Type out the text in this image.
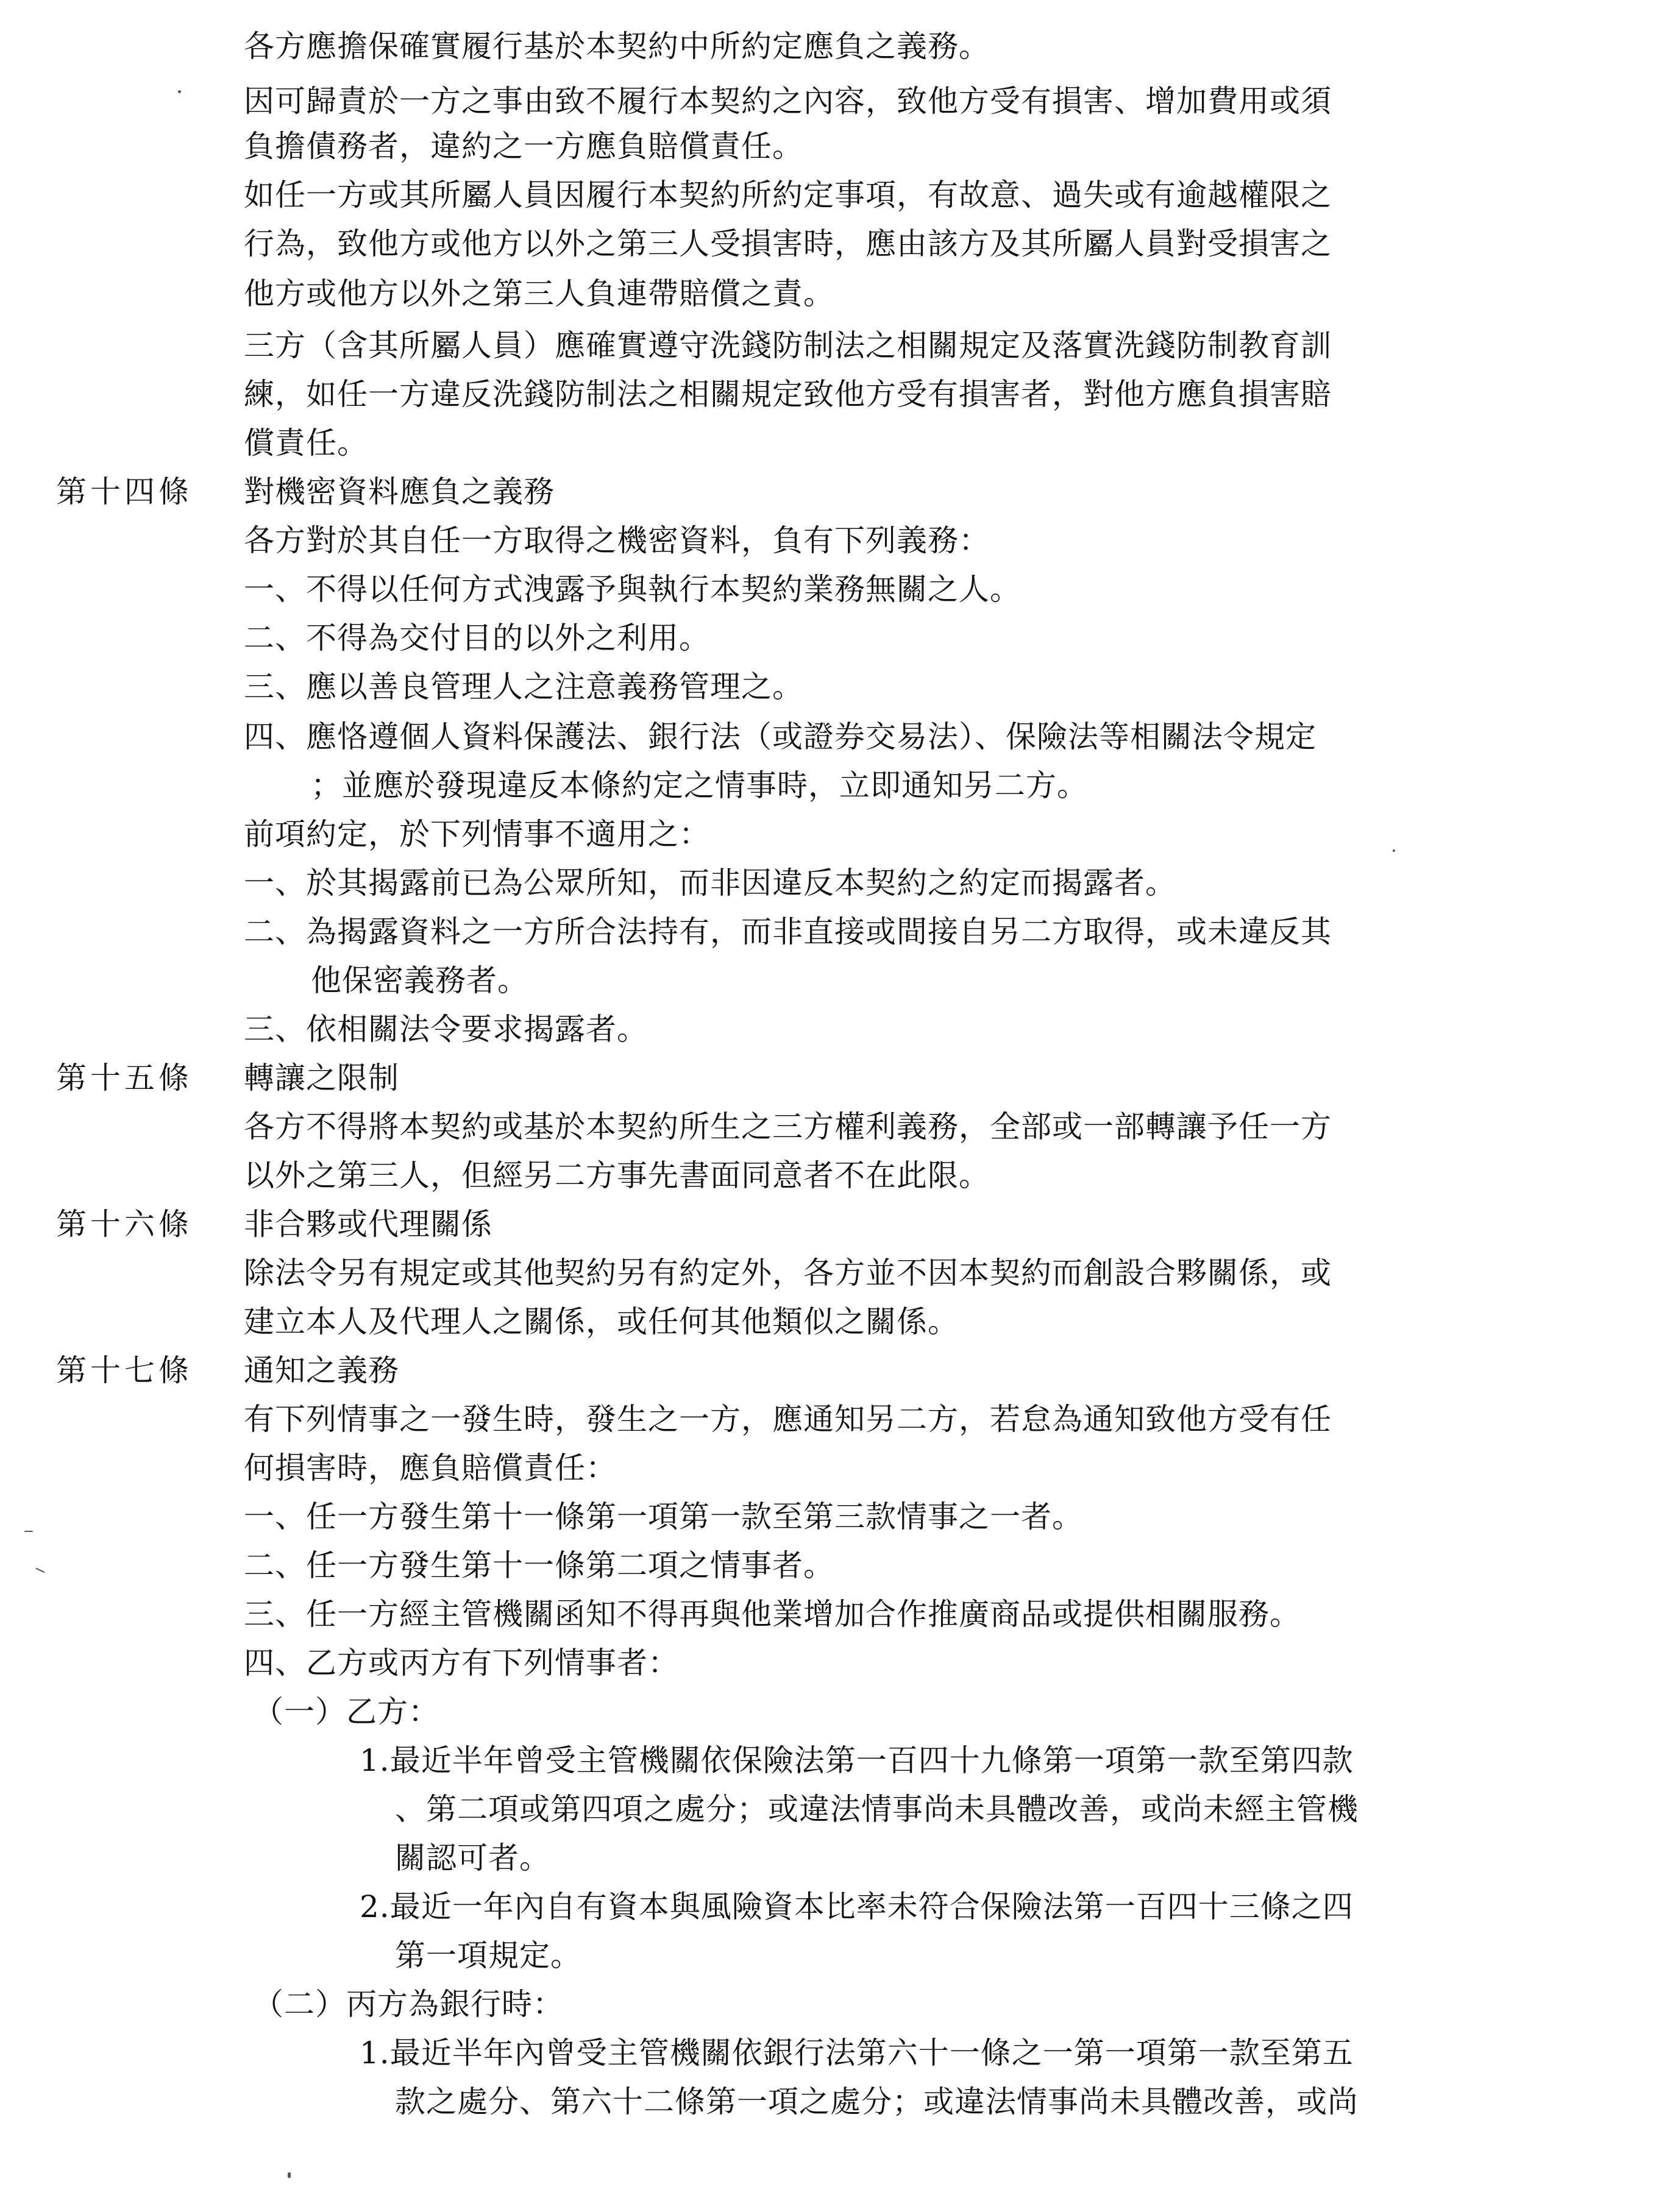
各方應擔保確實履行基於本契約中所約定應負之義務。
因可歸責於一方之事由致不履行本契約之內容，致他方受有損害、增加費用或須
負擔債務者，違約之一方應負賠償責任。
如任一方或其所屬人員因履行本契約所約定事項，有故意、過失或有逾越權限之
行為，致他方或他方以外之第三人受損害時，應由該方及其所屬人員對受損害之
他方或他方以外之第三人負連帶賠償之責。
三方（含其所屬人員）應確實遵守洗錢防制法之相關規定及落實洗錢防制教育訓
練，如任一方違反洗錢防制法之相關規定致他方受有損害者，對他方應負損害賠
償責任。
第十四條 對機密資料應負之義務
各方對於其自任一方取得之機密資料，負有下列義務：
一、不得以任何方式洩露予與執行本契約業務無關之人。
二、不得為交付目的以外之利用。
三、應以善良管理人之注意義務管理之。
四、應恪遵個人資料保護法、銀行法（或證券交易法）、保險法等相關法令規定
；並應於發現違反本條約定之情事時，立即通知另二方。
前項約定，於下列情事不適用之：
一、於其揭露前已為公眾所知，而非因違反本契約之約定而揭露者。
二、為揭露資料之一方所合法持有，而非直接或間接自另二方取得，或未違反其
他保密義務者。
三、依相關法令要求揭露者。
第十五條 轉讓之限制
各方不得將本契約或基於本契約所生之三方權利義務，全部或一部轉讓予任一方
以外之第三人，但經另二方事先書面同意者不在此限。
第十六條 非合夥或代理關係
除法令另有規定或其他契約另有約定外，各方並不因本契約而創設合夥關係，或
建立本人及代理人之關係，或任何其他類似之關係。
第十七條 通知之義務
有下列情事之一發生時，發生之一方，應通知另二方，若怠為通知致他方受有任
何損害時，應負賠償責任：
一、任一方發生第十一條第一項第一款至第三款情事之一者。
二、任一方發生第十一條第二項之情事者。
三、任一方經主管機關函知不得再與他業增加合作推廣商品或提供相關服務。
四、乙方或丙方有下列情事者：
（一）乙方：
1.最近半年曾受主管機關依保險法第一百四十九條第一項第一款至第四款
、第二項或第四項之處分；或違法情事尚未具體改善，或尚未經主管機
關認可者。
2.最近一年內自有資本與風險資本比率未符合保險法第一百四十三條之四
第一項規定。
（二）丙方為銀行時：
1.最近半年內曾受主管機關依銀行法第六十一條之一第一項第一款至第五
款之處分、第六十二條第一項之處分；或違法情事尚未具體改善，或尚
